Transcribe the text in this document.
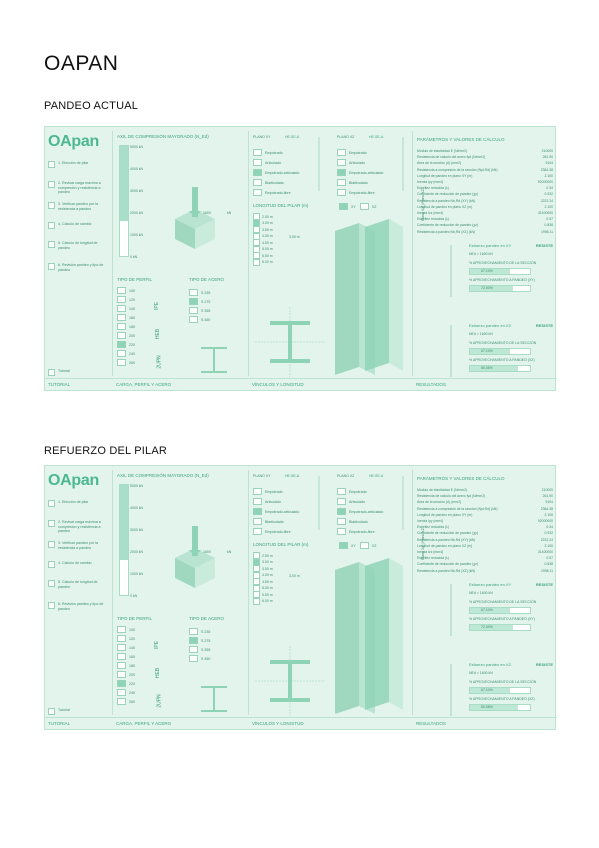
OAPAN
PANDEO ACTUAL
OApan
1. Elección de pilar
2. Revisar carga máxima a compresión y resistencia a pandeo
3. Verificar pandeo por la resistencia a pandeo
4. Cálculo de cambio
5. Cálculo de longitud de pandeo
6. Revisión pandeo y tipo de pandeo
Tutorial
TUTORIAL
AXIL DE COMPRESIÓN MAYORADO (N_Ed)
5000 kN
4000 kN
3000 kN
2000 kN
1000 kN
0 kN
1600	kN
TIPO DE PERFIL	TIPO DE ACERO
100
120
140
160
180
200
220
240
260
IPE
HEB
2UPN
S 235
S 275
S 355
S 450
CARGA, PERFIL Y ACERO
PLANO XY	HE-SE-A	PLANO XZ	HE-SE-A
Empotrado
Articulado
Empotrado-articulado
Biarticulado
Empotrado-libre
Empotrado
Articulado
Empotrado-articulado
Biarticulado
Empotrado-libre
LONGITUD DEL PILAR (m)
2.50 m
3.00 m
3.50 m
4.00 m
4.50 m
5.00 m
5.50 m
6.00 m
3.00 m
XY	XZ
VÍNCULOS Y LONGITUD
PARÁMETROS Y VALORES DE CÁLCULO
Módulo de elasticidad E (N/mm2)	210000
Resistencia de cálculo del acero fyd (N/mm2)	261.90
Área de la sección (A) (mm2)	9104
Resistencia a compresión de la sección (Npl,Rd) (kN)	2384.38
Longitud de pandeo en plano XY (m)	2.100
Inercia Iyy (mm4)	92000000
Esbeltez reducida (λ)	0.34
Coeficiente de reducción de pandeo (χy)	0.932
Resistencia a pandeo Nb,Rd (XY) (kN)	2222.24
Longitud de pandeo en plano XZ (m)	2.100
Inercia Izz (mm4)	31400000
Esbeltez reducida (λ)	0.57
Coeficiente de reducción de pandeo (χz)	0.838
Resistencia a pandeo Nb,Rd (XZ) (kN)	1998.11
Plano XY | Plano XZ
Esfuerzo pandeo en XY	RESISTE
NEd = 1600 kN
% APROVECHAMIENTO DE LA SECCIÓN
67.10%
% APROVECHAMIENTO A PANDEO (XY)
72.00%
Esfuerzo pandeo en XZ	RESISTE
NEd = 1600 kN
% APROVECHAMIENTO DE LA SECCIÓN
67.10%
% APROVECHAMIENTO A PANDEO (XZ)
80.08%
RESULTADOS
REFUERZO DEL PILAR
OApan
1. Elección de pilar
2. Revisar carga máxima a compresión y resistencia a pandeo
3. Verificar pandeo por la resistencia a pandeo
4. Cálculo de cambio
5. Cálculo de longitud de pandeo
6. Revisión pandeo y tipo de pandeo
Tutorial
TUTORIAL
AXIL DE COMPRESIÓN MAYORADO (N_Ed)
5000 kN
4000 kN
3000 kN
2000 kN
1000 kN
0 kN
1600	kN
TIPO DE PERFIL	TIPO DE ACERO
100
120
140
160
180
200
220
240
260
IPE
HEB
2UPN
S 235
S 275
S 355
S 450
CARGA, PERFIL Y ACERO
PLANO XY	HE-SE-A	PLANO XZ	HE-SE-A
Empotrado
Articulado
Empotrado-articulado
Biarticulado
Empotrado-libre
Empotrado
Articulado
Empotrado-articulado
Biarticulado
Empotrado-libre
LONGITUD DEL PILAR (m)
2.50 m
3.00 m
3.50 m
4.00 m
4.50 m
5.00 m
5.50 m
6.00 m
3.00 m
XY	XZ
VÍNCULOS Y LONGITUD
PARÁMETROS Y VALORES DE CÁLCULO
Módulo de elasticidad E (N/mm2)	210000
Resistencia de cálculo del acero fyd (N/mm2)	261.90
Área de la sección (A) (mm2)	9104
Resistencia a compresión de la sección (Npl,Rd) (kN)	2384.38
Longitud de pandeo en plano XY (m)	2.100
Inercia Iyy (mm4)	92000000
Esbeltez reducida (λ)	0.34
Coeficiente de reducción de pandeo (χy)	0.932
Resistencia a pandeo Nb,Rd (XY) (kN)	2222.24
Longitud de pandeo en plano XZ (m)	2.100
Inercia Izz (mm4)	31400000
Esbeltez reducida (λ)	0.57
Coeficiente de reducción de pandeo (χz)	0.838
Resistencia a pandeo Nb,Rd (XZ) (kN)	1998.11
Plano XY | Plano XZ
Esfuerzo pandeo en XY	RESISTE
NEd = 1600 kN
% APROVECHAMIENTO DE LA SECCIÓN
67.10%
% APROVECHAMIENTO A PANDEO (XY)
72.00%
Esfuerzo pandeo en XZ	RESISTE
NEd = 1600 kN
% APROVECHAMIENTO DE LA SECCIÓN
67.10%
% APROVECHAMIENTO A PANDEO (XZ)
80.08%
RESULTADOS
